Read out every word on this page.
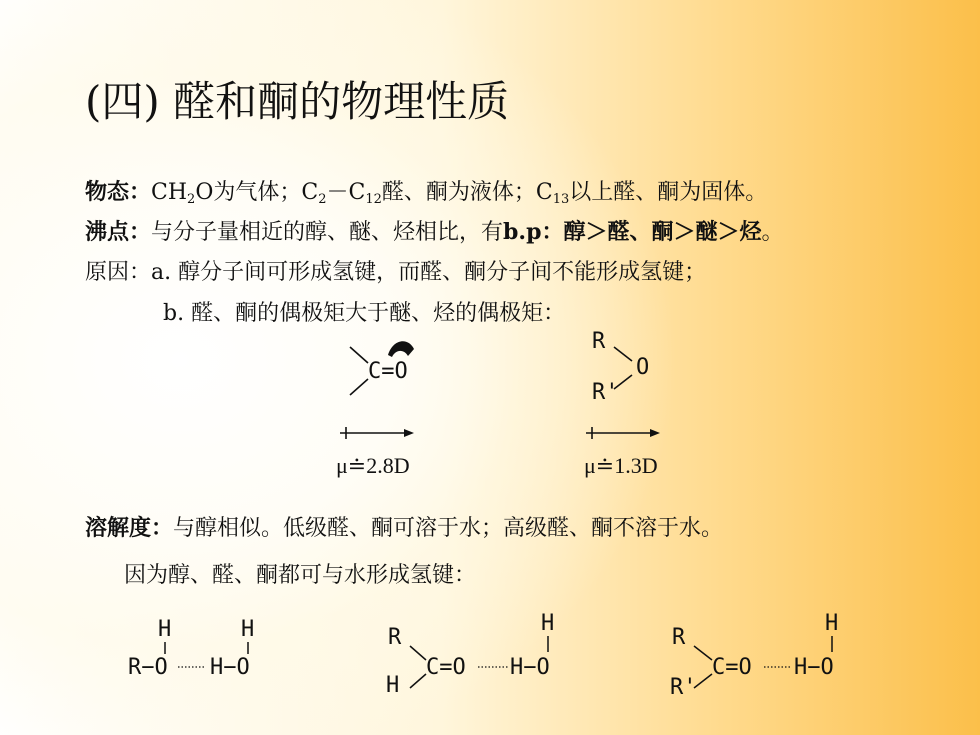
(四) 醛和酮的物理性质
物态：$CH_2O$为气体；$C_2-C_{12}$醛、酮为液体；$C_{13}$以上醛、酮为固体。
沸点：与分子量相近的醇、醚、烃相比，有b.p：醇＞醛、酮＞醚＞烃。
原因：a. 醇分子间可形成氢键，而醛、酮分子间不能形成氢键；
b. 醛、酮的偶极矩大于醚、烃的偶极矩：
C=O
μ≐2.8D
R
O
R'
μ≐1.3D
溶解度：与醇相似。低级醛、酮可溶于水；高级醛、酮不溶于水。
因为醇、醛、酮都可与水形成氢键：
H
R−O
H
H−O
R
H
C=O
H
H−O
R
R'
C=O
H
H−O
